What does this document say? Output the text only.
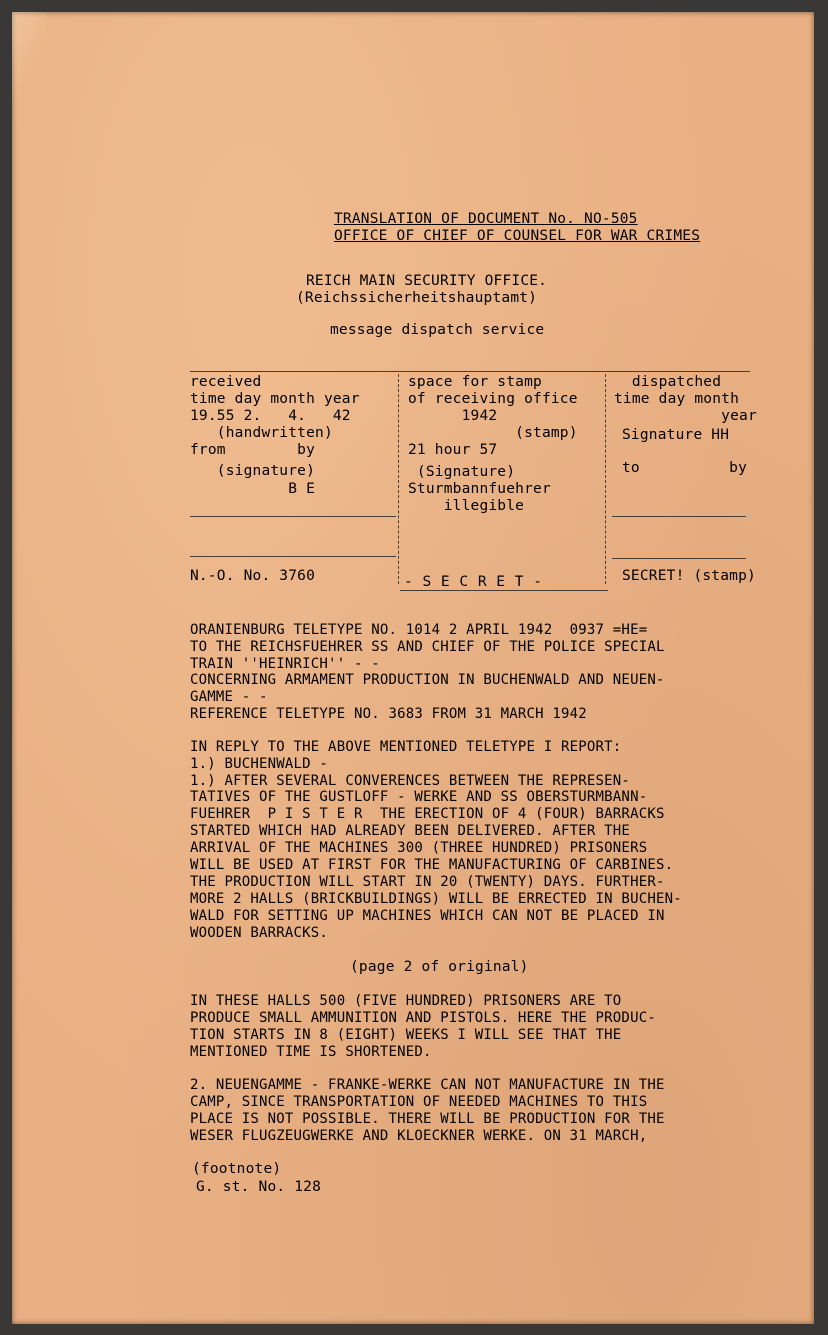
TRANSLATION OF DOCUMENT No. NO-505
OFFICE OF CHIEF OF COUNSEL FOR WAR CRIMES
REICH MAIN SECURITY OFFICE.
(Reichssicherheitshauptamt)
message dispatch service
received
time day month year
19.55 2.   4.   42
(handwritten)
from        by
(signature)
B E
space for stamp
of receiving office
1942
(stamp)
21 hour 57
(Signature)
Sturmbannfuehrer
illegible
dispatched
time day month
year
Signature HH
to          by
N.-O. No. 3760	- S E C R E T -	SECRET! (stamp)
ORANIENBURG TELETYPE NO. 1014 2 APRIL 1942  0937 =HE=
TO THE REICHSFUEHRER SS AND CHIEF OF THE POLICE SPECIAL
TRAIN ''HEINRICH'' - -
CONCERNING ARMAMENT PRODUCTION IN BUCHENWALD AND NEUEN-
GAMME - -
REFERENCE TELETYPE NO. 3683 FROM 31 MARCH 1942
IN REPLY TO THE ABOVE MENTIONED TELETYPE I REPORT:
1.) BUCHENWALD -
1.) AFTER SEVERAL CONVERENCES BETWEEN THE REPRESEN-
TATIVES OF THE GUSTLOFF - WERKE AND SS OBERSTURMBANN-
FUEHRER  P I S T E R  THE ERECTION OF 4 (FOUR) BARRACKS
STARTED WHICH HAD ALREADY BEEN DELIVERED. AFTER THE
ARRIVAL OF THE MACHINES 300 (THREE HUNDRED) PRISONERS
WILL BE USED AT FIRST FOR THE MANUFACTURING OF CARBINES.
THE PRODUCTION WILL START IN 20 (TWENTY) DAYS. FURTHER-
MORE 2 HALLS (BRICKBUILDINGS) WILL BE ERRECTED IN BUCHEN-
WALD FOR SETTING UP MACHINES WHICH CAN NOT BE PLACED IN
WOODEN BARRACKS.
(page 2 of original)
IN THESE HALLS 500 (FIVE HUNDRED) PRISONERS ARE TO
PRODUCE SMALL AMMUNITION AND PISTOLS. HERE THE PRODUC-
TION STARTS IN 8 (EIGHT) WEEKS I WILL SEE THAT THE
MENTIONED TIME IS SHORTENED.
2. NEUENGAMME - FRANKE-WERKE CAN NOT MANUFACTURE IN THE
CAMP, SINCE TRANSPORTATION OF NEEDED MACHINES TO THIS
PLACE IS NOT POSSIBLE. THERE WILL BE PRODUCTION FOR THE
WESER FLUGZEUGWERKE AND KLOECKNER WERKE. ON 31 MARCH,
(footnote)
G. st. No. 128
